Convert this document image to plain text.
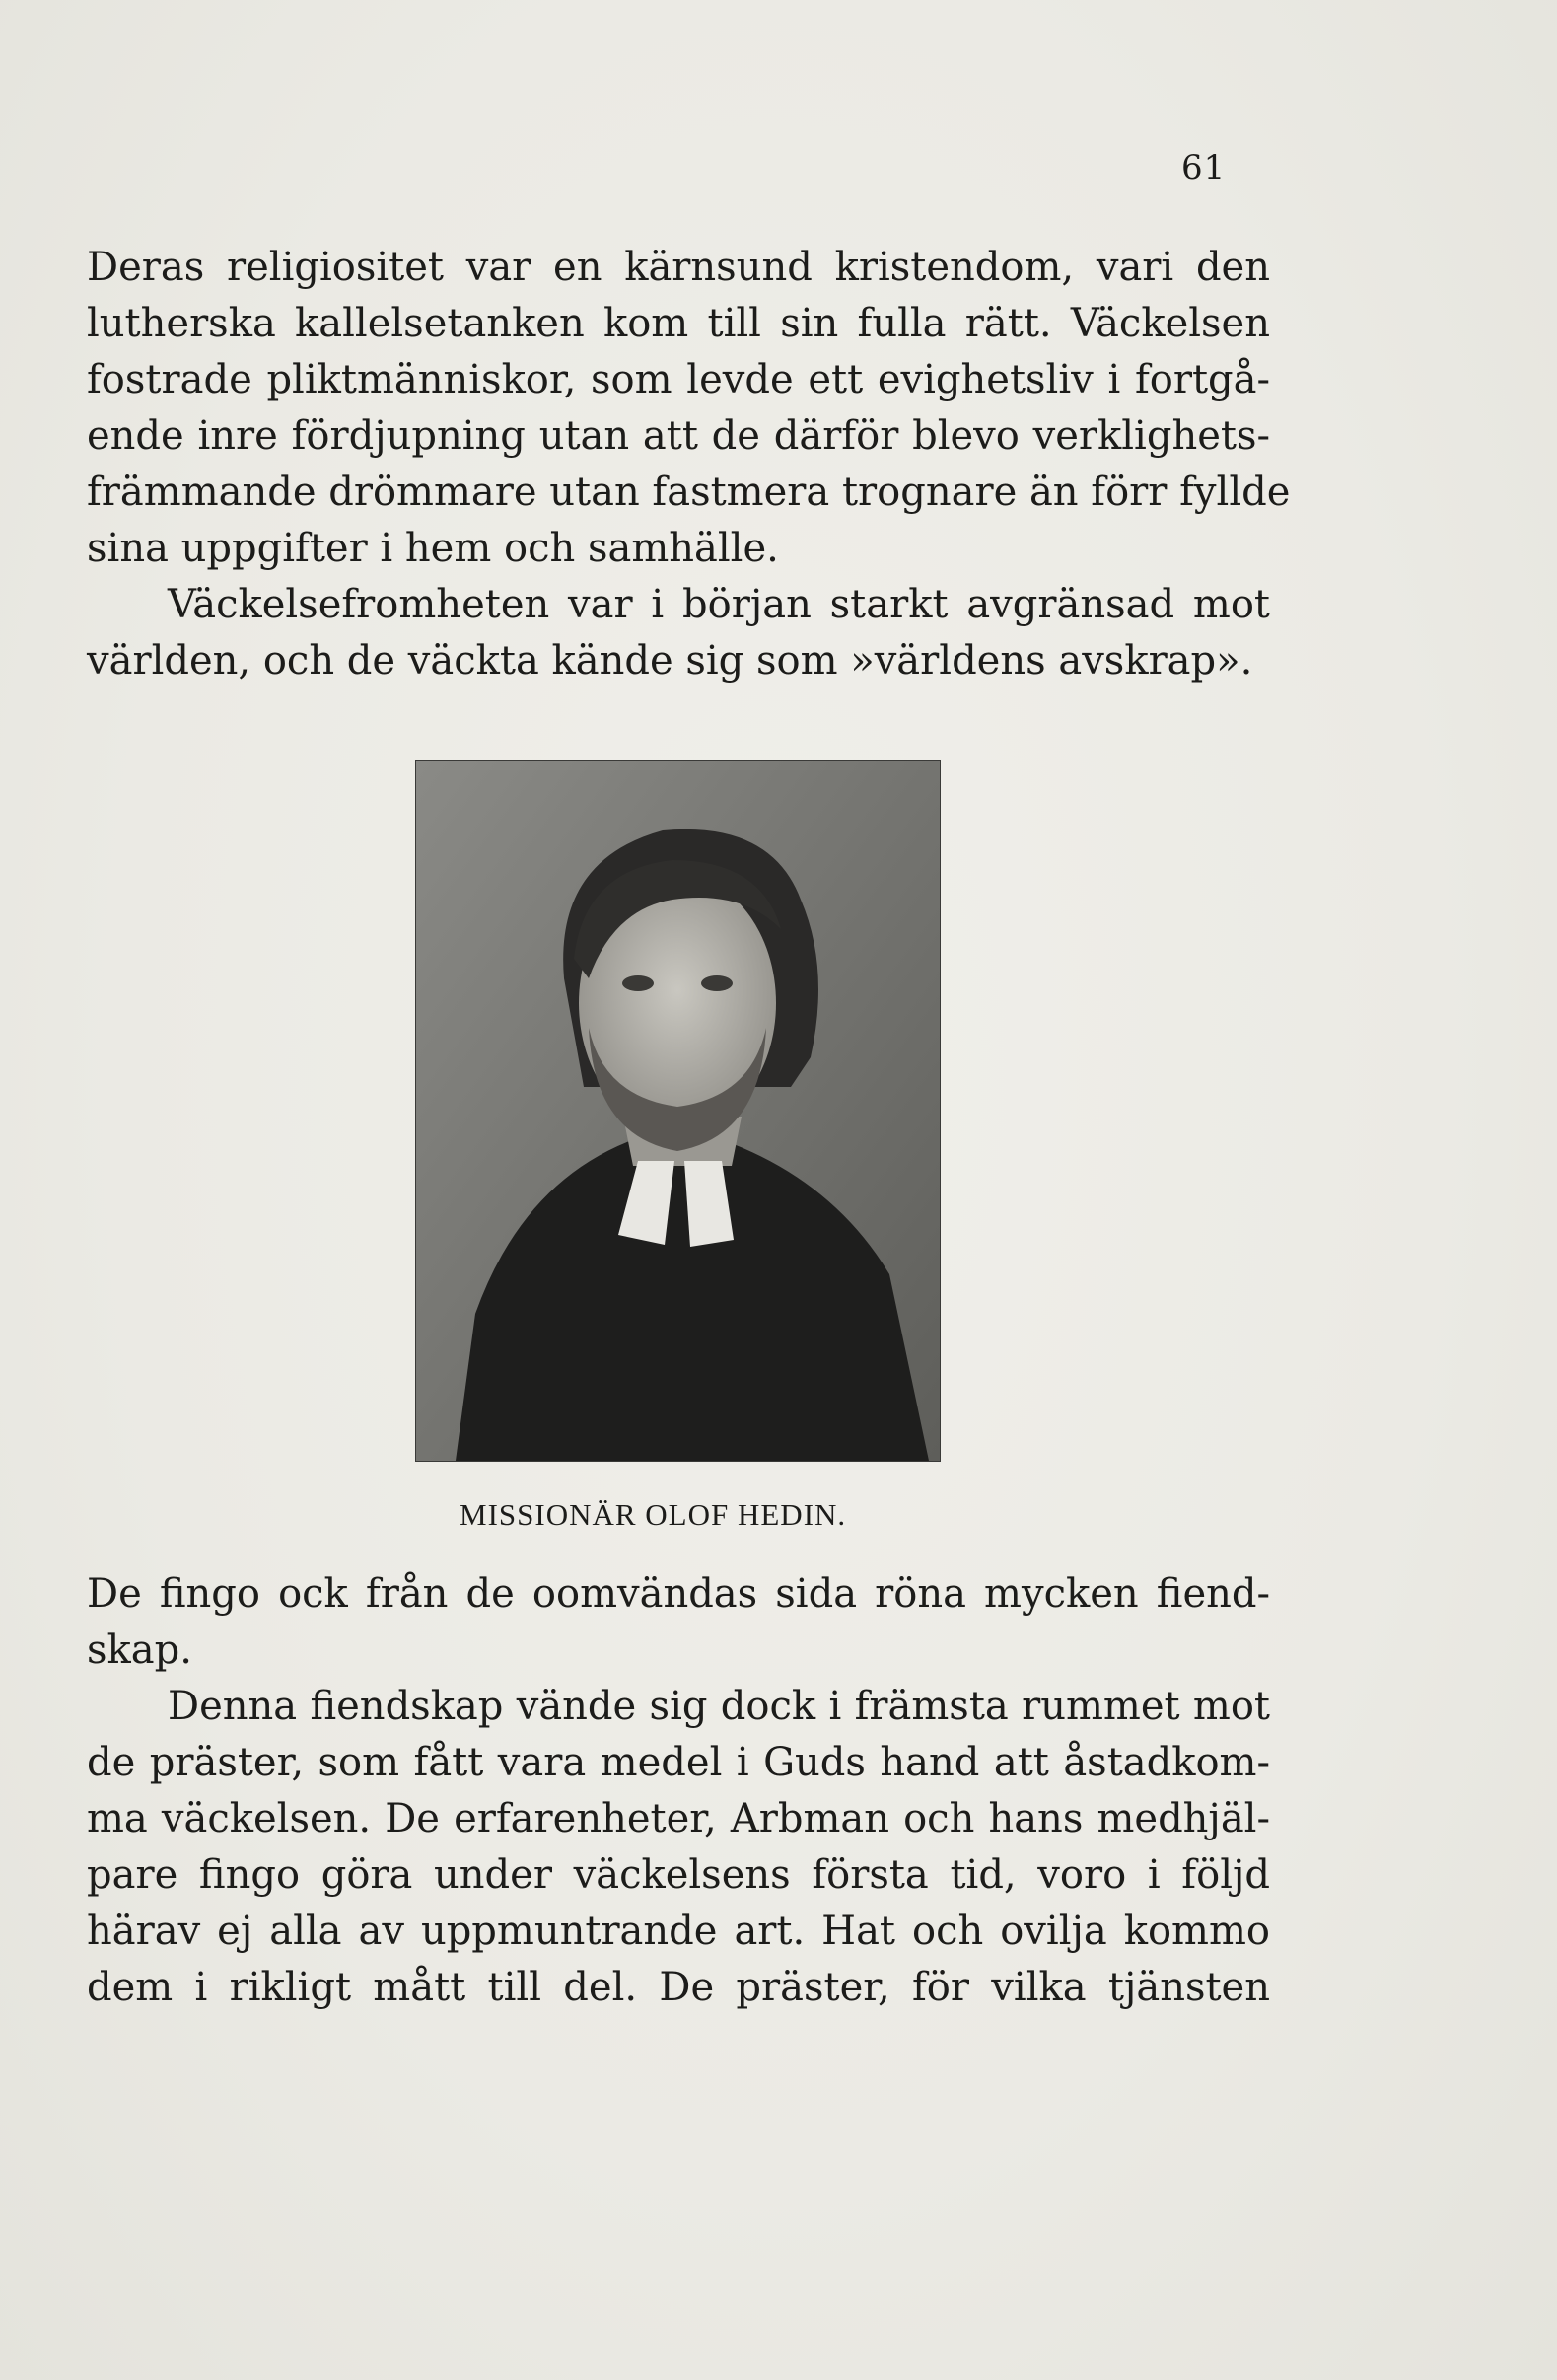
61
Deras religiositet var en kärnsund kristendom, vari den
lutherska kallelsetanken kom till sin fulla rätt. Väckelsen
fostrade pliktmänniskor, som levde ett evighetsliv i fortgå-
ende inre fördjupning utan att de därför blevo verklighets-
främmande drömmare utan fastmera trognare än förr fyllde
sina uppgifter i hem och samhälle.
Väckelsefromheten var i början starkt avgränsad mot
världen, och de väckta kände sig som »världens avskrap».
MISSIONÄR OLOF HEDIN.
De fingo ock från de oomvändas sida röna mycken fiend-
skap.
Denna fiendskap vände sig dock i främsta rummet mot
de präster, som fått vara medel i Guds hand att åstadkom-
ma väckelsen. De erfarenheter, Arbman och hans medhjäl-
pare fingo göra under väckelsens första tid, voro i följd
härav ej alla av uppmuntrande art. Hat och ovilja kommo
dem i rikligt mått till del. De präster, för vilka tjänsten
